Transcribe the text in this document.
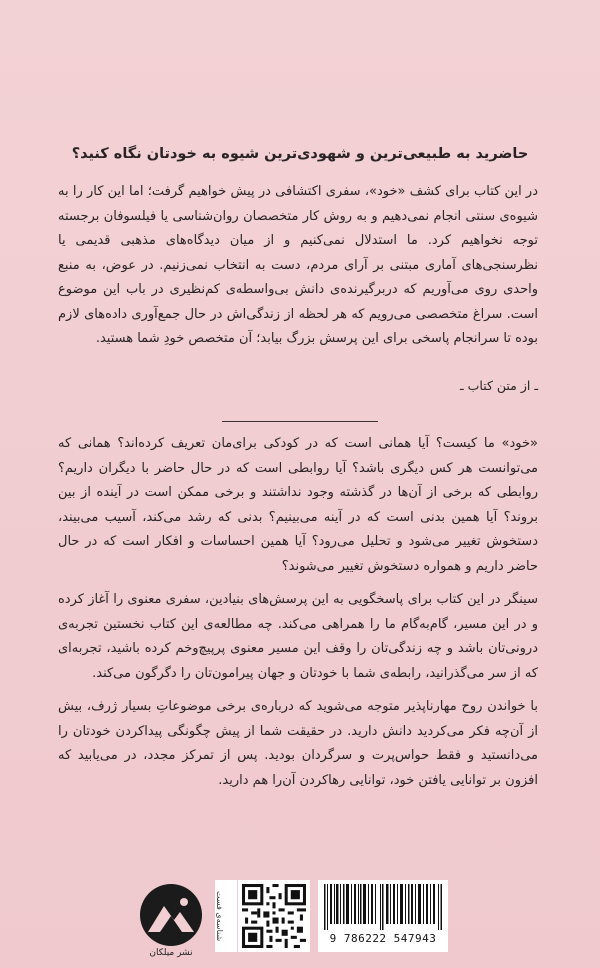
حاضرید به طبیعی‌ترین و شهودی‌ترین شیوه به خودتان نگاه کنید؟
در این کتاب برای کشف «خود»، سفری اکتشافی در پیش خواهیم گرفت؛ اما این کار را به شیوه‌ی سنتی انجام نمی‌دهیم و به روش کار متخصصان روان‌شناسی یا فیلسوفان برجسته توجه نخواهیم کرد. ما استدلال نمی‌کنیم و از میان دیدگاه‌های مذهبی قدیمی یا نظرسنجی‌های آماری مبتنی بر آرای مردم، دست به انتخاب نمی‌زنیم. در عوض، به منبع واحدی روی می‌آوریم که دربرگیرنده‌ی دانش بی‌واسطه‌ی کم‌نظیری در باب این موضوع است. سراغ متخصصی می‌رویم که هر لحظه از زندگی‌اش در حال جمع‌آوری داده‌های لازم بوده تا سرانجام پاسخی برای این پرسش بزرگ بیابد؛ آن متخصص خودِ شما هستید.
ـ از متن کتاب ـ
«خود» ما کیست؟ آیا همانی است که در کودکی برای‌مان تعریف کرده‌اند؟ همانی که می‌توانست هر کس دیگری باشد؟ آیا روابطی است که در حال حاضر با دیگران داریم؟ روابطی که برخی از آن‌ها در گذشته وجود نداشتند و برخی ممکن است در آینده از بین بروند؟ آیا همین بدنی است که در آینه می‌بینیم؟ بدنی که رشد می‌کند، آسیب می‌بیند، دستخوش تغییر می‌شود و تحلیل می‌رود؟ آیا همین احساسات و افکار است که در حال حاضر داریم و همواره دستخوش تغییر می‌شوند؟
سینگر در این کتاب برای پاسخگویی به این پرسش‌های بنیادین، سفری معنوی را آغاز کرده و در این مسیر، گام‌به‌گام ما را همراهی می‌کند. چه مطالعه‌ی این کتاب نخستین تجربه‌ی درونی‌تان باشد و چه زندگی‌تان را وقف این مسیر معنوی پرپیچ‌وخم کرده باشید، تجربه‌ای که از سر می‌گذرانید، رابطه‌ی شما با خودتان و جهان پیرامون‌تان را دگرگون می‌کند.
با خواندن روح مهارناپذیر متوجه می‌شوید که درباره‌ی برخی موضوعاتِ بسیار ژرف، بیش از آن‌چه فکر می‌کردید دانش دارید. در حقیقت شما از پیش چگونگی پیداکردن خودتان را می‌دانستید و فقط حواس‌پرت و سرگردان بودید. پس از تمرکز مجدد، در می‌یابید که افزون بر توانایی یافتن خود، توانایی رهاکردن آن‌را هم دارید.
شناسه‌ی فست	9 786222 547943
نشر میلکان
